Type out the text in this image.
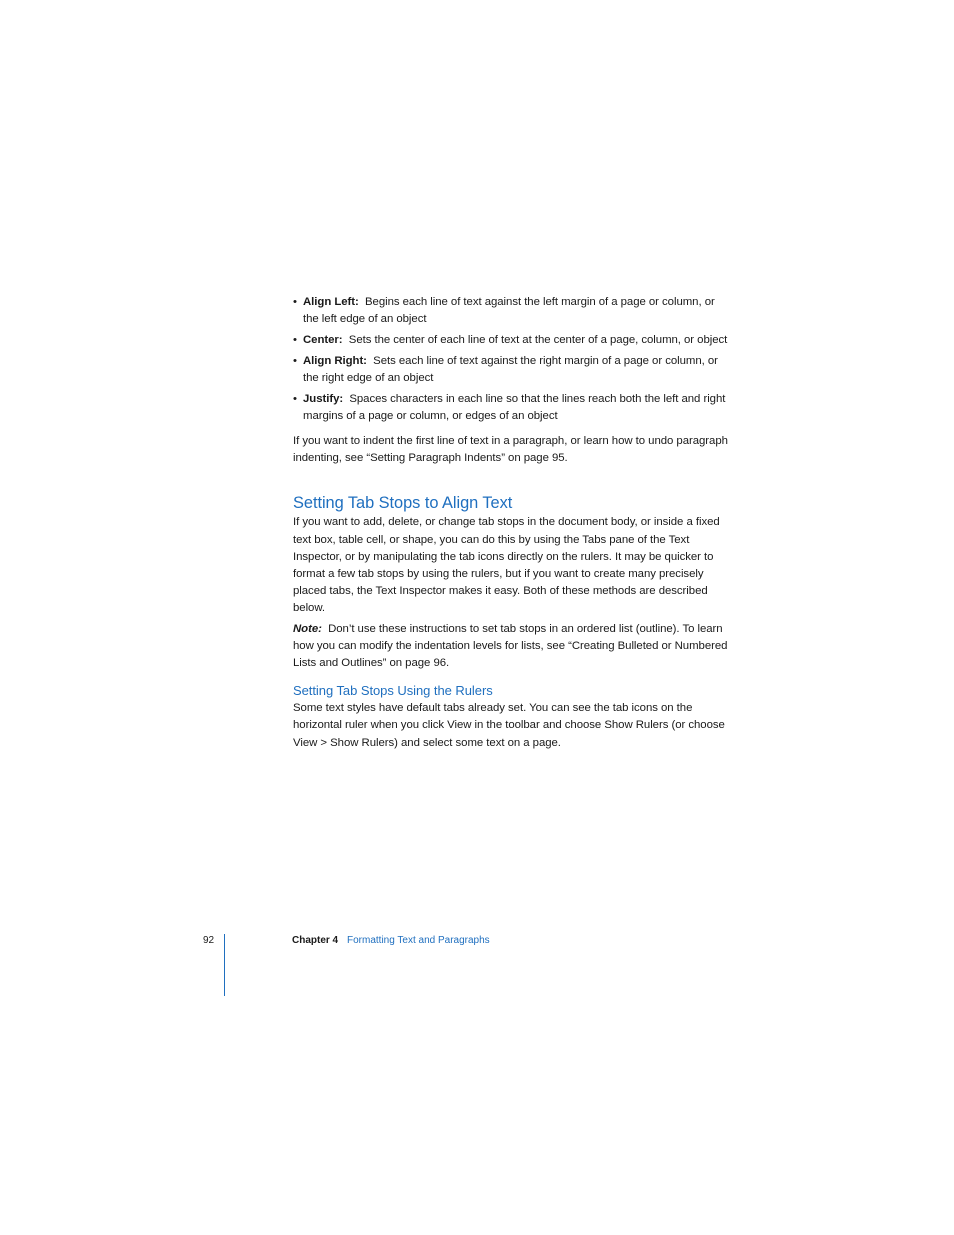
• Align Left: Begins each line of text against the left margin of a page or column, or the left edge of an object
• Center: Sets the center of each line of text at the center of a page, column, or object
• Align Right: Sets each line of text against the right margin of a page or column, or the right edge of an object
• Justify: Spaces characters in each line so that the lines reach both the left and right margins of a page or column, or edges of an object

If you want to indent the first line of text in a paragraph, or learn how to undo paragraph indenting, see “Setting Paragraph Indents” on page 95.

Setting Tab Stops to Align Text

If you want to add, delete, or change tab stops in the document body, or inside a fixed text box, table cell, or shape, you can do this by using the Tabs pane of the Text Inspector, or by manipulating the tab icons directly on the rulers. It may be quicker to format a few tab stops by using the rulers, but if you want to create many precisely placed tabs, the Text Inspector makes it easy. Both of these methods are described below.

Note: Don’t use these instructions to set tab stops in an ordered list (outline). To learn how you can modify the indentation levels for lists, see “Creating Bulleted or Numbered Lists and Outlines” on page 96.

Setting Tab Stops Using the Rulers

Some text styles have default tabs already set. You can see the tab icons on the horizontal ruler when you click View in the toolbar and choose Show Rulers (or choose View > Show Rulers) and select some text on a page.

92	Chapter 4 Formatting Text and Paragraphs
